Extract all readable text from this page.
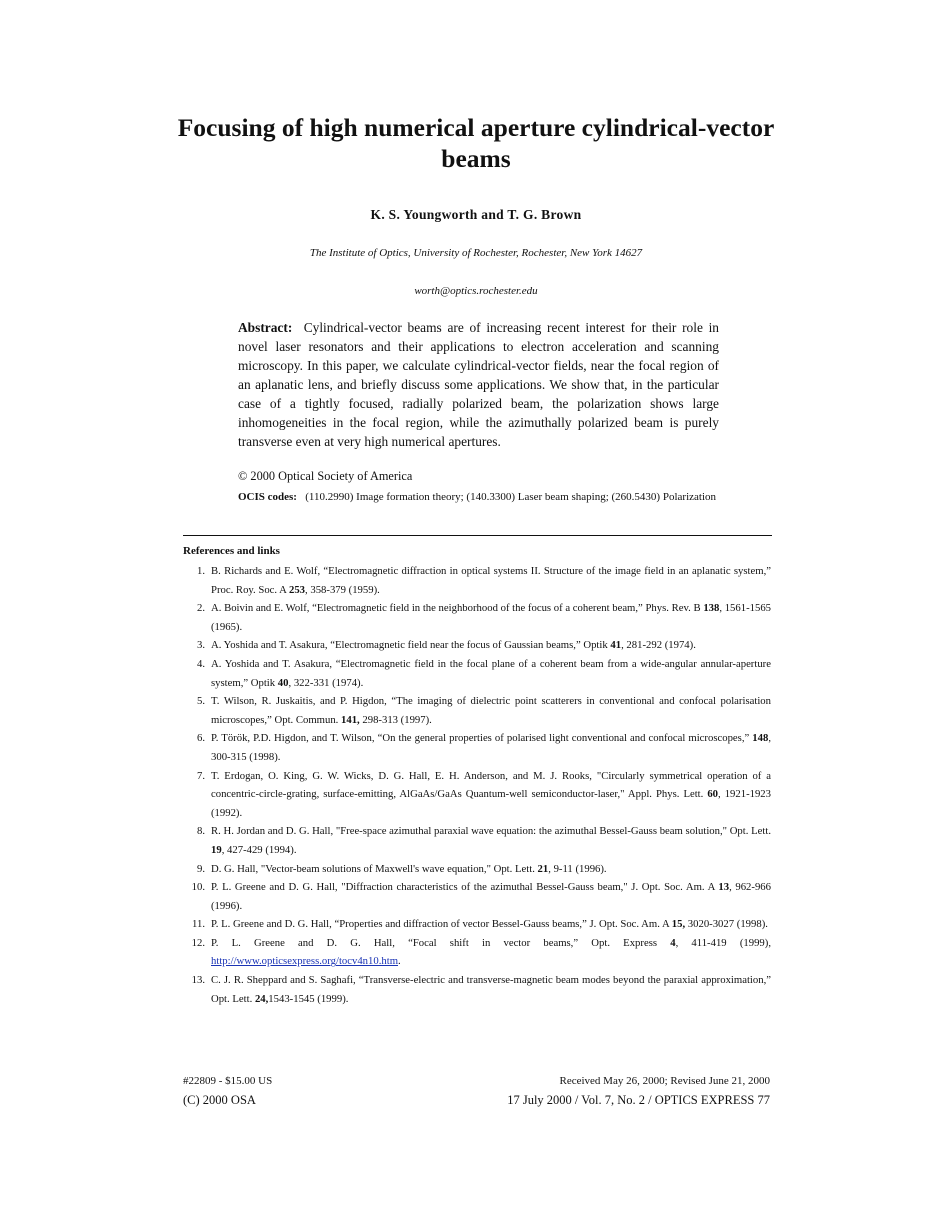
Focusing of high numerical aperture cylindrical-vector beams

K. S. Youngworth and T. G. Brown

The Institute of Optics, University of Rochester, Rochester, New York 14627

worth@optics.rochester.edu

Abstract: Cylindrical-vector beams are of increasing recent interest for their role in novel laser resonators and their applications to electron acceleration and scanning microscopy. In this paper, we calculate cylindrical-vector fields, near the focal region of an aplanatic lens, and briefly discuss some applications. We show that, in the particular case of a tightly focused, radially polarized beam, the polarization shows large inhomogeneities in the focal region, while the azimuthally polarized beam is purely transverse even at very high numerical apertures.

© 2000 Optical Society of America

OCIS codes: (110.2990) Image formation theory; (140.3300) Laser beam shaping; (260.5430) Polarization

References and links

1. B. Richards and E. Wolf, “Electromagnetic diffraction in optical systems II. Structure of the image field in an aplanatic system,” Proc. Roy. Soc. A 253, 358-379 (1959).
2. A. Boivin and E. Wolf, “Electromagnetic field in the neighborhood of the focus of a coherent beam,” Phys. Rev. B 138, 1561-1565 (1965).
3. A. Yoshida and T. Asakura, “Electromagnetic field near the focus of Gaussian beams,” Optik 41, 281-292 (1974).
4. A. Yoshida and T. Asakura, “Electromagnetic field in the focal plane of a coherent beam from a wide-angular annular-aperture system,” Optik 40, 322-331 (1974).
5. T. Wilson, R. Juskaitis, and P. Higdon, “The imaging of dielectric point scatterers in conventional and confocal polarisation microscopes,” Opt. Commun. 141, 298-313 (1997).
6. P. Török, P.D. Higdon, and T. Wilson, “On the general properties of polarised light conventional and confocal microscopes,” 148, 300-315 (1998).
7. T. Erdogan, O. King, G. W. Wicks, D. G. Hall, E. H. Anderson, and M. J. Rooks, "Circularly symmetrical operation of a concentric-circle-grating, surface-emitting, AlGaAs/GaAs Quantum-well semiconductor-laser," Appl. Phys. Lett. 60, 1921-1923 (1992).
8. R. H. Jordan and D. G. Hall, "Free-space azimuthal paraxial wave equation: the azimuthal Bessel-Gauss beam solution," Opt. Lett. 19, 427-429 (1994).
9. D. G. Hall, "Vector-beam solutions of Maxwell's wave equation," Opt. Lett. 21, 9-11 (1996).
10. P. L. Greene and D. G. Hall, "Diffraction characteristics of the azimuthal Bessel-Gauss beam," J. Opt. Soc. Am. A 13, 962-966 (1996).
11. P. L. Greene and D. G. Hall, “Properties and diffraction of vector Bessel-Gauss beams,” J. Opt. Soc. Am. A 15, 3020-3027 (1998).
12. P. L. Greene and D. G. Hall, “Focal shift in vector beams,” Opt. Express 4, 411-419 (1999), http://www.opticsexpress.org/tocv4n10.htm.
13. C. J. R. Sheppard and S. Saghafi, “Transverse-electric and transverse-magnetic beam modes beyond the paraxial approximation,” Opt. Lett. 24,1543-1545 (1999).

#22809 - $15.00 US	Received May 26, 2000; Revised June 21, 2000

(C) 2000 OSA	17 July 2000 / Vol. 7, No. 2 / OPTICS EXPRESS 77
